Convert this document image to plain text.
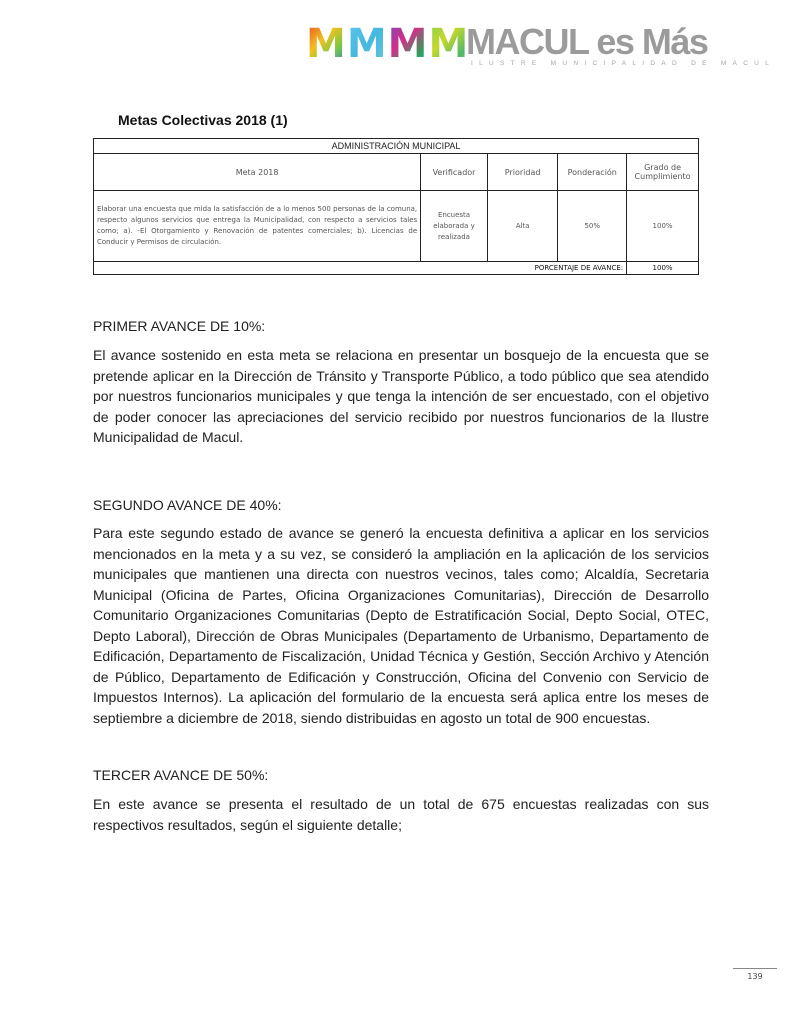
M M M M
MACUL es Más
ILUSTRE MUNICIPALIDAD DE MACUL
Metas Colectivas 2018 (1)
ADMINISTRACIÓN MUNICIPAL				
Meta 2018	Verificador	Prioridad	Ponderación	Grado de Cumplimiento
Elaborar una encuesta que mida la satisfacción de a lo menos 500 personas de la comuna, respecto algunos servicios que entrega la Municipalidad, con respecto a servicios tales como; a). -El Otorgamiento y Renovación de patentes comerciales; b). Licencias de Conducir y Permisos de circulación.	Encuesta elaborada y realizada	Alta	50%	100%
PORCENTAJE DE AVANCE:				100%
PRIMER AVANCE DE 10%:
El avance sostenido en esta meta se relaciona en presentar un bosquejo de la encuesta que se pretende aplicar en la Dirección de Tránsito y Transporte Público, a todo público que sea atendido por nuestros funcionarios municipales y que tenga la intención de ser encuestado, con el objetivo de poder conocer las apreciaciones del servicio recibido por nuestros funcionarios de la Ilustre Municipalidad de Macul.
SEGUNDO AVANCE DE 40%:
Para este segundo estado de avance se generó la encuesta definitiva a aplicar en los servicios mencionados en la meta y a su vez, se consideró la ampliación en la aplicación de los servicios municipales que mantienen una directa con nuestros vecinos, tales como; Alcaldía, Secretaria Municipal (Oficina de Partes, Oficina Organizaciones Comunitarias), Dirección de Desarrollo Comunitario Organizaciones Comunitarias (Depto de Estratificación Social, Depto Social, OTEC, Depto Laboral), Dirección de Obras Municipales (Departamento de Urbanismo, Departamento de Edificación, Departamento de Fiscalización, Unidad Técnica y Gestión, Sección Archivo y Atención de Público, Departamento de Edificación y Construcción, Oficina del Convenio con Servicio de Impuestos Internos). La aplicación del formulario de la encuesta será aplica entre los meses de septiembre a diciembre de 2018, siendo distribuidas en agosto un total de 900 encuestas.
TERCER AVANCE DE 50%:
En este avance se presenta el resultado de un total de 675 encuestas realizadas con sus respectivos resultados, según el siguiente detalle;
139
